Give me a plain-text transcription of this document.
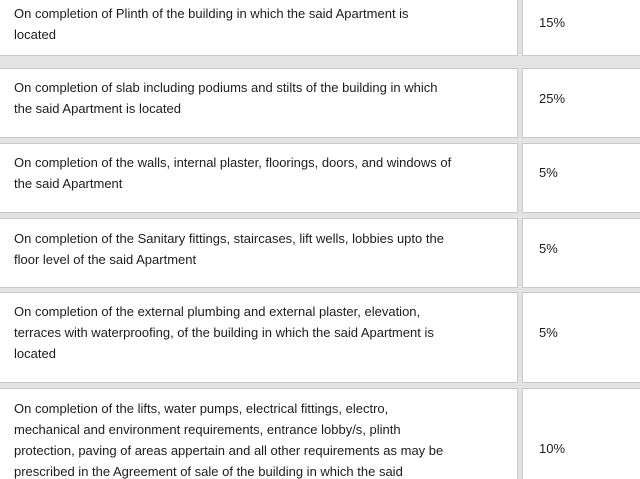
On completion of Plinth of the building in which the said Apartment is
located
15%
On completion of slab including podiums and stilts of the building in which
the said Apartment is located
25%
On completion of the walls, internal plaster, floorings, doors, and windows of
the said Apartment
5%
On completion of the Sanitary fittings, staircases, lift wells, lobbies upto the
floor level of the said Apartment
5%
On completion of the external plumbing and external plaster, elevation,
terraces with waterproofing, of the building in which the said Apartment is
located
5%
On completion of the lifts, water pumps, electrical fittings, electro,
mechanical and environment requirements, entrance lobby/s, plinth
protection, paving of areas appertain and all other requirements as may be
prescribed in the Agreement of sale of the building in which the said
10%
